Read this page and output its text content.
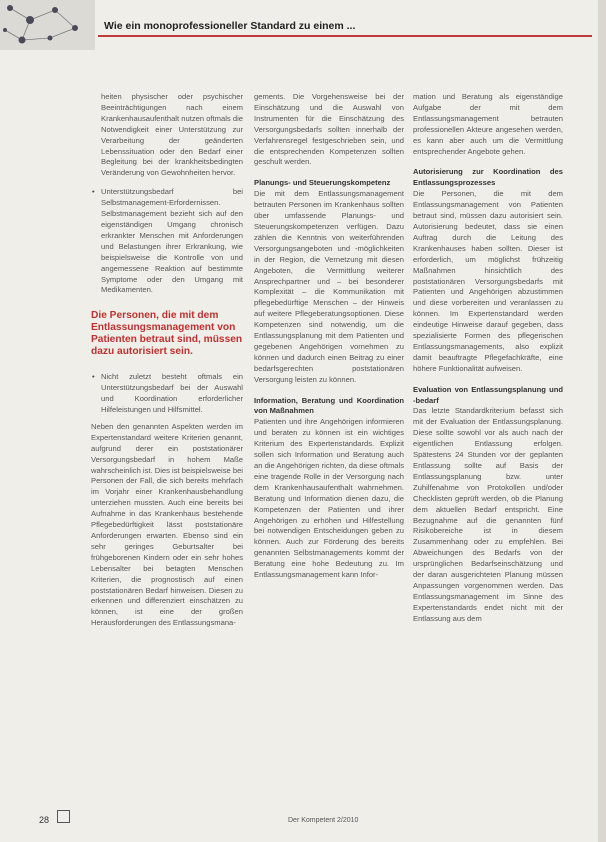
Wie ein monoprofessioneller Standard zu einem ...

heiten physischer oder psychischer Beeinträchtigungen nach einem Krankenhausaufenthalt nutzen oftmals die Notwendigkeit einer Unterstützung zur Verarbeitung der geänderten Lebenssituation oder den Bedarf einer Begleitung bei der krankheitsbedingten Veränderung von Gewohnheiten hervor.

• Unterstützungsbedarf bei Selbstmanagement-Erfordernissen. Selbstmanagement bezieht sich auf den eigenständigen Umgang chronisch erkrankter Menschen mit Anforderungen und Belastungen ihrer Erkrankung, wie beispielsweise die Kontrolle von und angemessene Reaktion auf bestimmte Symptome oder den Umgang mit Medikamenten.
Die Personen, die mit dem Entlassungsmanagement von Patienten betraut sind, müssen dazu autorisiert sein.
• Nicht zuletzt besteht oftmals ein Unterstützungsbedarf bei der Auswahl und Koordination erforderlicher Hilfeleistungen und Hilfsmittel.

Neben den genannten Aspekten werden im Expertenstandard weitere Kriterien genannt, aufgrund derer ein poststationärer Versorgungsbedarf in hohem Maße wahrscheinlich ist. Dies ist beispielsweise bei Personen der Fall, die sich bereits mehrfach im Vorjahr einer Krankenhausbehandlung unterziehen mussten. Auch eine bereits bei Aufnahme in das Krankenhaus bestehende Pflegebedürftigkeit lässt poststationäre Anforderungen erwarten. Ebenso sind ein sehr geringes Geburtsalter bei frühgeborenen Kindern oder ein sehr hohes Lebensalter bei betagten Menschen Kriterien, die prognostisch auf einen poststationären Bedarf hinweisen. Diesen zu erkennen und differenziert einschätzen zu können, ist eine der großen Herausforderungen des Entlassungsmana-

gements. Die Vorgehensweise bei der Einschätzung und die Auswahl von Instrumenten für die Einschätzung des Versorgungsbedarfs sollten innerhalb der Verfahrensregel festgeschrieben sein, und die entsprechenden Kompetenzen sollten geschult werden.

Planungs- und Steuerungskompetenz

Die mit dem Entlassungsmanagement betrauten Personen im Krankenhaus sollten über umfassende Planungs- und Steuerungskompetenzen verfügen. Dazu zählen die Kenntnis von weiterführenden Versorgungsangeboten und -möglichkeiten in der Region, die Vernetzung mit diesen Angeboten, die Vermittlung weiterer Ansprechpartner und – bei besonderer Komplexität – die Kommunikation mit pflegebedürftige Menschen – der Hinweis auf weitere Pflegeberatungsoptionen. Diese Kompetenzen sind notwendig, um die Entlassungsplanung mit dem Patienten und gegebenen Angehörigen vornehmen zu können und dadurch einen Beitrag zu einer bedarfsgerechten poststationären Versorgung leisten zu können.

Information, Beratung und Koordination von Maßnahmen

Patienten und ihre Angehörigen informieren und beraten zu können ist ein wichtiges Kriterium des Expertenstandards. Explizit sollen sich Information und Beratung auch an die Angehörigen richten, da diese oftmals eine tragende Rolle in der Versorgung nach dem Krankenhausaufenthalt wahrnehmen. Beratung und Information dienen dazu, die Kompetenzen der Patienten und ihrer Angehörigen zu erhöhen und Hilfestellung bei notwendigen Entscheidungen geben zu können. Auch zur Förderung des bereits genannten Selbstmanagements kommt der Beratung eine hohe Bedeutung zu. Im Entlassungsmanagement kann Infor-

mation und Beratung als eigenständige Aufgabe der mit dem Entlassungsmanagement betrauten professionellen Akteure angesehen werden, es kann aber auch um die Vermittlung entsprechender Angebote gehen.

Autorisierung zur Koordination des Entlassungsprozesses

Die Personen, die mit dem Entlassungsmanagement von Patienten betraut sind, müssen dazu autorisiert sein. Autorisierung bedeutet, dass sie einen Auftrag durch die Leitung des Krankenhauses haben sollten. Dieser ist erforderlich, um möglichst frühzeitig Maßnahmen hinsichtlich des poststationären Versorgungsbedarfs mit Patienten und Angehörigen abzustimmen und diese vorbereiten und veranlassen zu können. Im Expertenstandard werden eindeutige Hinweise darauf gegeben, dass spezialisierte Formen des pflegerischen Entlassungsmanagements, also explizit damit beauftragte Pflegefachkräfte, eine höhere Funktionalität aufweisen.

Evaluation von Entlassungsplanung und -bedarf

Das letzte Standardkriterium befasst sich mit der Evaluation der Entlassungsplanung. Diese sollte sowohl vor als auch nach der eigentlichen Entlassung erfolgen. Spätestens 24 Stunden vor der geplanten Entlassung sollte auf Basis der Entlassungsplanung bzw. unter Zuhilfenahme von Protokollen und/oder Checklisten geprüft werden, ob die Planung dem aktuellen Bedarf entspricht. Eine Bezugnahme auf die genannten fünf Risikobereiche ist in diesem Zusammenhang oder zu empfehlen. Bei Abweichungen des Bedarfs von der ursprünglichen Bedarfseinschätzung und der daran ausgerichteten Planung müssen Anpassungen vorgenommen werden. Das Entlassungsmanagement im Sinne des Expertenstandards endet nicht mit der Entlassung aus dem

28	Der Kompetent 2/2010
